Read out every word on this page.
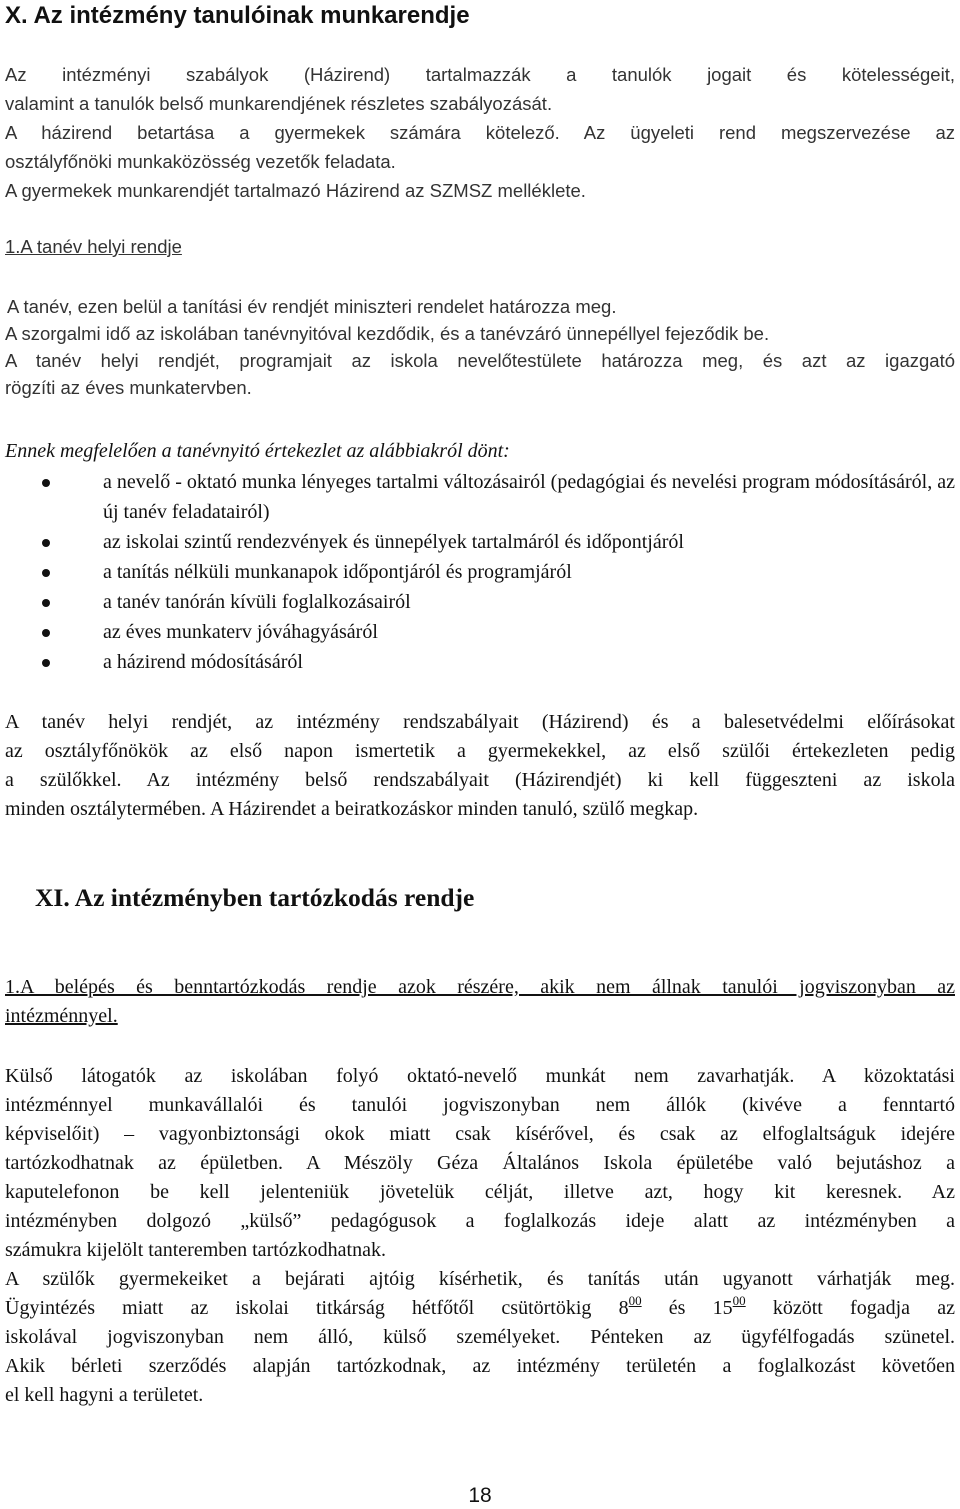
X. Az intézmény tanulóinak munkarendje
Az intézményi szabályok (Házirend) tartalmazzák a tanulók jogait és kötelességeit,
valamint a tanulók belső munkarendjének részletes szabályozását.
A házirend betartása a gyermekek számára kötelező. Az ügyeleti rend megszervezése az
osztályfőnöki munkaközösség vezetők feladata.
A gyermekek munkarendjét tartalmazó Házirend az SZMSZ melléklete.
1.A tanév helyi rendje
A tanév, ezen belül a tanítási év rendjét miniszteri rendelet határozza meg.
A szorgalmi idő az iskolában tanévnyitóval kezdődik, és a tanévzáró ünnepéllyel fejeződik be.
A tanév helyi rendjét, programjait az iskola nevelőtestülete határozza meg, és azt az igazgató
rögzíti az éves munkatervben.
Ennek megfelelően a tanévnyitó értekezlet az alábbiakról dönt:
a nevelő - oktató munka lényeges tartalmi változásairól (pedagógiai és nevelési program módosításáról, az új tanév feladatairól)
az iskolai szintű rendezvények és ünnepélyek tartalmáról és időpontjáról
a tanítás nélküli munkanapok időpontjáról és programjáról
a tanév tanórán kívüli foglalkozásairól
az éves munkaterv jóváhagyásáról
a házirend módosításáról
A tanév helyi rendjét, az intézmény rendszabályait (Házirend) és a balesetvédelmi előírásokat
az osztályfőnökök az első napon ismertetik a gyermekekkel, az első szülői értekezleten pedig
a szülőkkel. Az intézmény belső rendszabályait (Házirendjét) ki kell függeszteni az iskola
minden osztálytermében. A Házirendet a beiratkozáskor minden tanuló, szülő megkap.
XI. Az intézményben tartózkodás rendje
1.A belépés és benntartózkodás rendje azok részére, akik nem állnak tanulói jogviszonyban az
intézménnyel.
Külső látogatók az iskolában folyó oktató-nevelő munkát nem zavarhatják. A közoktatási
intézménnyel munkavállalói és tanulói jogviszonyban nem állók (kivéve a fenntartó
képviselőit) – vagyonbiztonsági okok miatt csak kísérővel, és csak az elfoglaltságuk idejére
tartózkodhatnak az épületben. A Mészöly Géza Általános Iskola épületébe való bejutáshoz a
kaputelefonon be kell jelenteniük jövetelük célját, illetve azt, hogy kit keresnek. Az
intézményben dolgozó „külső” pedagógusok a foglalkozás ideje alatt az intézményben a
számukra kijelölt tanteremben tartózkodhatnak.
A szülők gyermekeiket a bejárati ajtóig kísérhetik, és tanítás után ugyanott várhatják meg.
Ügyintézés miatt az iskolai titkárság hétfőtől csütörtökig $8^{00}$ és $15^{00}$ között fogadja az
iskolával jogviszonyban nem álló, külső személyeket. Pénteken az ügyfélfogadás szünetel.
Akik bérleti szerződés alapján tartózkodnak, az intézmény területén a foglalkozást követően
el kell hagyni a területet.
18
